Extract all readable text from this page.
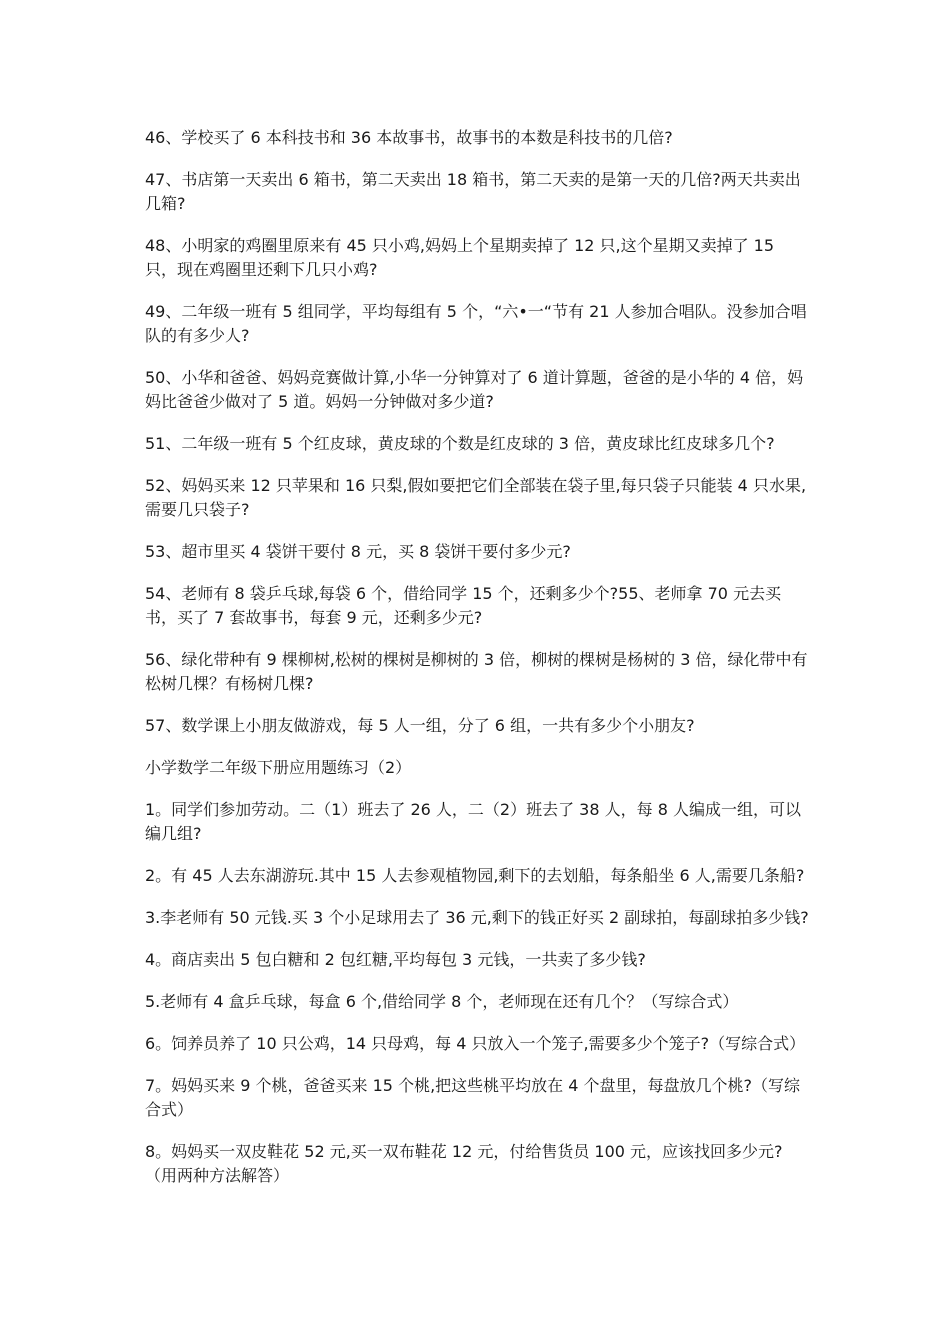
46、学校买了 6 本科技书和 36 本故事书，故事书的本数是科技书的几倍?

47、书店第一天卖出 6 箱书，第二天卖出 18 箱书，第二天卖的是第一天的几倍?两天共卖出几箱?

48、小明家的鸡圈里原来有 45 只小鸡,妈妈上个星期卖掉了 12 只,这个星期又卖掉了 15 只，现在鸡圈里还剩下几只小鸡?

49、二年级一班有 5 组同学，平均每组有 5 个，“六•一“节有 21 人参加合唱队。没参加合唱队的有多少人?

50、小华和爸爸、妈妈竞赛做计算,小华一分钟算对了 6 道计算题，爸爸的是小华的 4 倍，妈妈比爸爸少做对了 5 道。妈妈一分钟做对多少道?

51、二年级一班有 5 个红皮球，黄皮球的个数是红皮球的 3 倍，黄皮球比红皮球多几个?

52、妈妈买来 12 只苹果和 16 只梨,假如要把它们全部装在袋子里,每只袋子只能装 4 只水果,需要几只袋子?

53、超市里买 4 袋饼干要付 8 元，买 8 袋饼干要付多少元?

54、老师有 8 袋乒乓球,每袋 6 个，借给同学 15 个，还剩多少个?55、老师拿 70 元去买书，买了 7 套故事书，每套 9 元，还剩多少元?

56、绿化带种有 9 棵柳树,松树的棵树是柳树的 3 倍，柳树的棵树是杨树的 3 倍，绿化带中有松树几棵？有杨树几棵?

57、数学课上小朋友做游戏，每 5 人一组，分了 6 组，一共有多少个小朋友?

小学数学二年级下册应用题练习（2）

1。同学们参加劳动。二（1）班去了 26 人，二（2）班去了 38 人，每 8 人编成一组，可以编几组?

2。有 45 人去东湖游玩.其中 15 人去参观植物园,剩下的去划船，每条船坐 6 人,需要几条船?

3.李老师有 50 元钱.买 3 个小足球用去了 36 元,剩下的钱正好买 2 副球拍，每副球拍多少钱?

4。商店卖出 5 包白糖和 2 包红糖,平均每包 3 元钱，一共卖了多少钱?

5.老师有 4 盒乒乓球，每盒 6 个,借给同学 8 个，老师现在还有几个？（写综合式）

6。饲养员养了 10 只公鸡，14 只母鸡，每 4 只放入一个笼子,需要多少个笼子?（写综合式）

7。妈妈买来 9 个桃，爸爸买来 15 个桃,把这些桃平均放在 4 个盘里，每盘放几个桃?（写综合式）

8。妈妈买一双皮鞋花 52 元,买一双布鞋花 12 元，付给售货员 100 元，应该找回多少元?（用两种方法解答）
